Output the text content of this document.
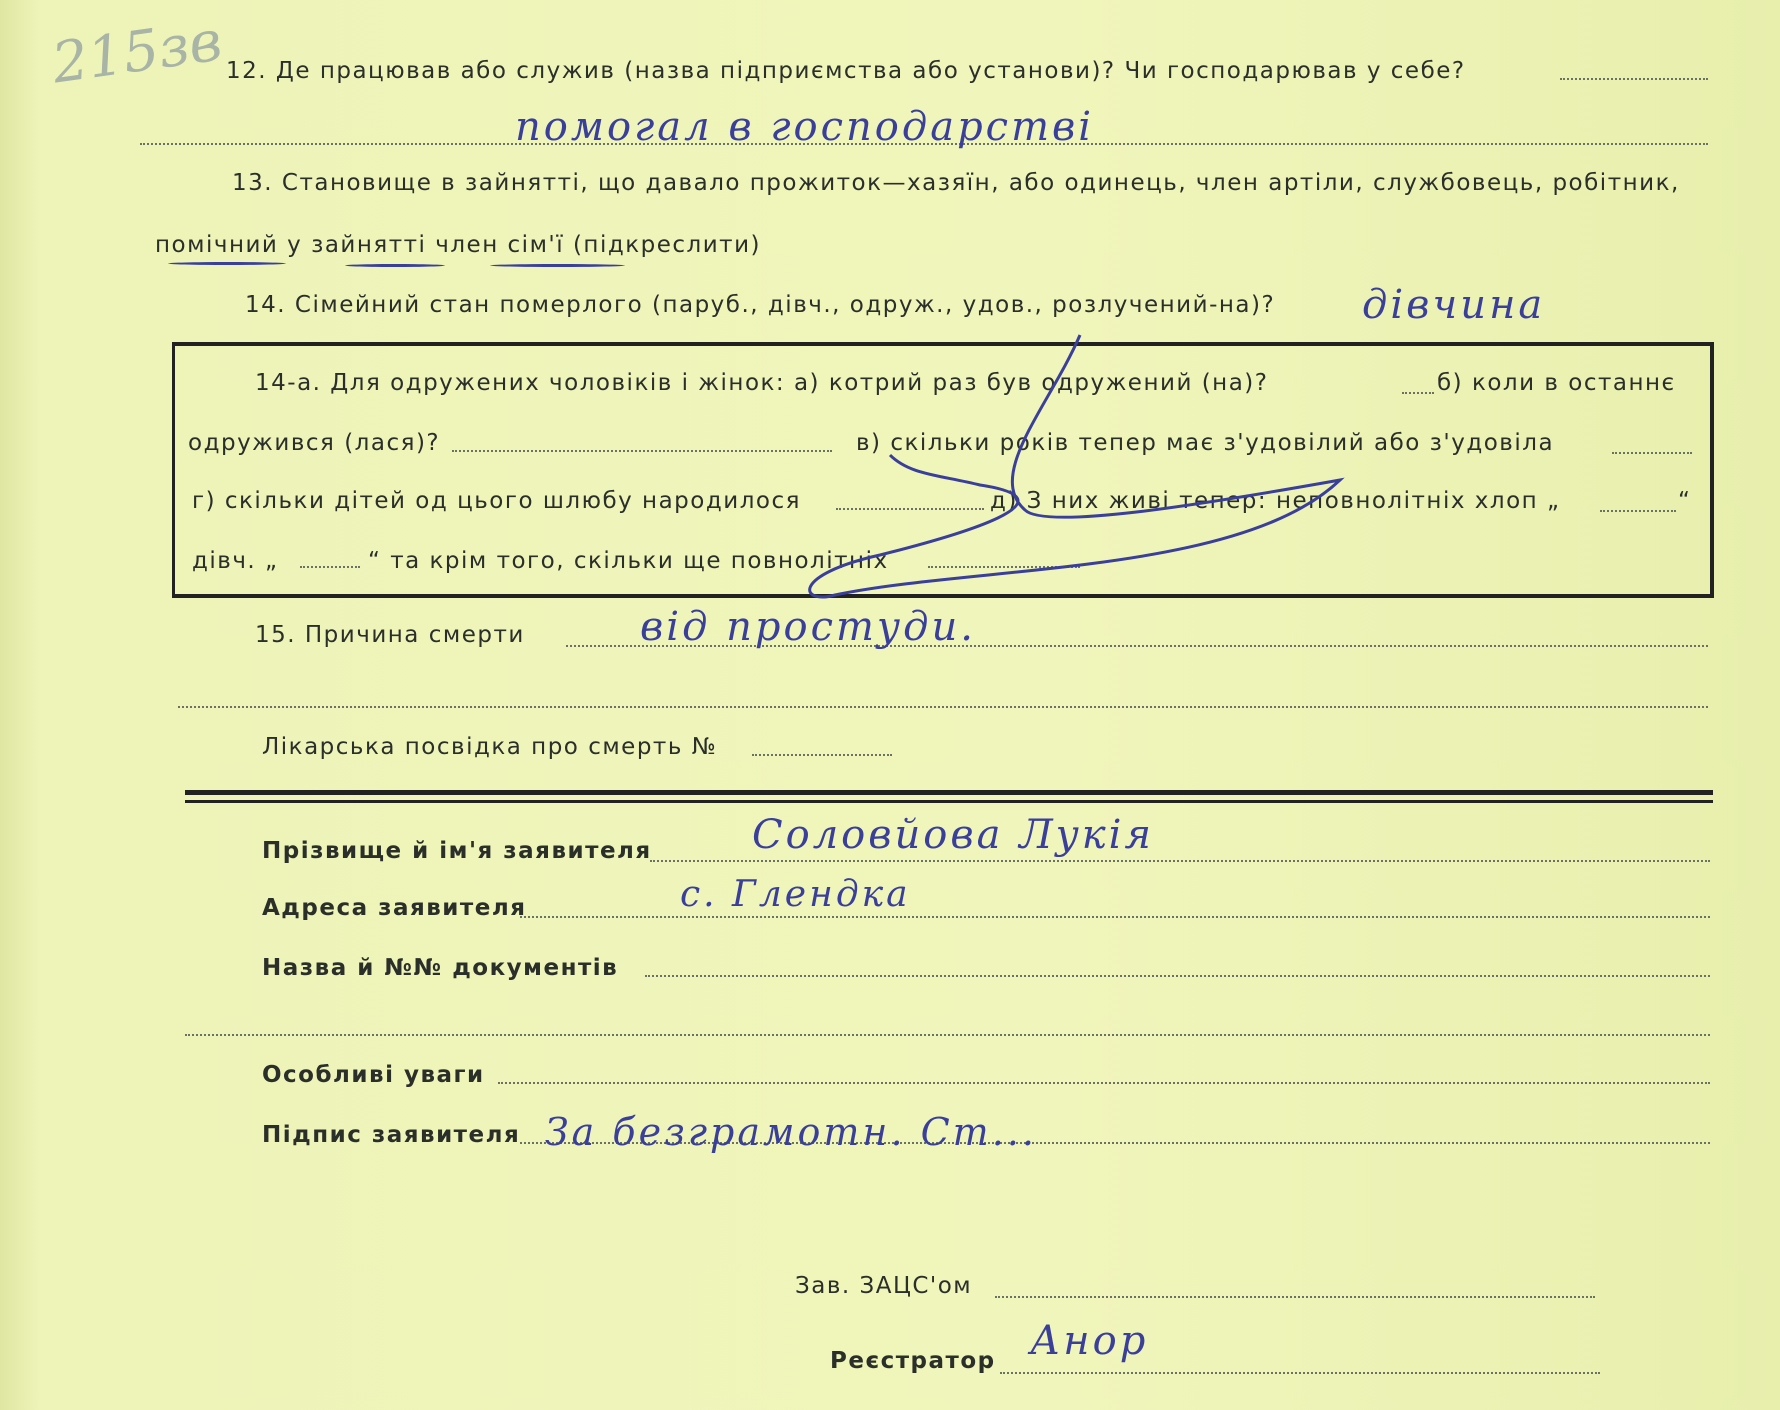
215зв 12. Де працював або служив (назва підприємства або установи)? Чи господарював у себе?
помогал в господарстві
13. Становище в зайнятті, що давало прожиток—хазяїн, або одинець, член артіли, службовець, робітник,
помічний у зайнятті член сім'ї (підкреслити)
14. Сімейний стан померлого (паруб., дівч., одруж., удов., розлучений-на)? дівчина
14-а. Для одружених чоловіків і жінок: а) котрий раз був одружений (на)?	б) коли в останнє
одружився (лася)?	в) скільки років тепер має з'удовілий або з'удовіла
г) скільки дітей од цього шлюбу народилося	д) З них живі тепер: неповнолітніх хлоп „	“
дівч. „	“ та крім того, скільки ще повнолітніх
15. Причина смерти	від простуди.
Лікарська посвідка про смерть №
Прізвище й ім'я заявителя	Соловйова Лукія
Адреса заявителя	с. Глендка
Назва й №№ документів
Особливі уваги
Підпис заявителя За безграмотн. Ст...
Зав. ЗАЦС'ом
Реєстратор Анор
